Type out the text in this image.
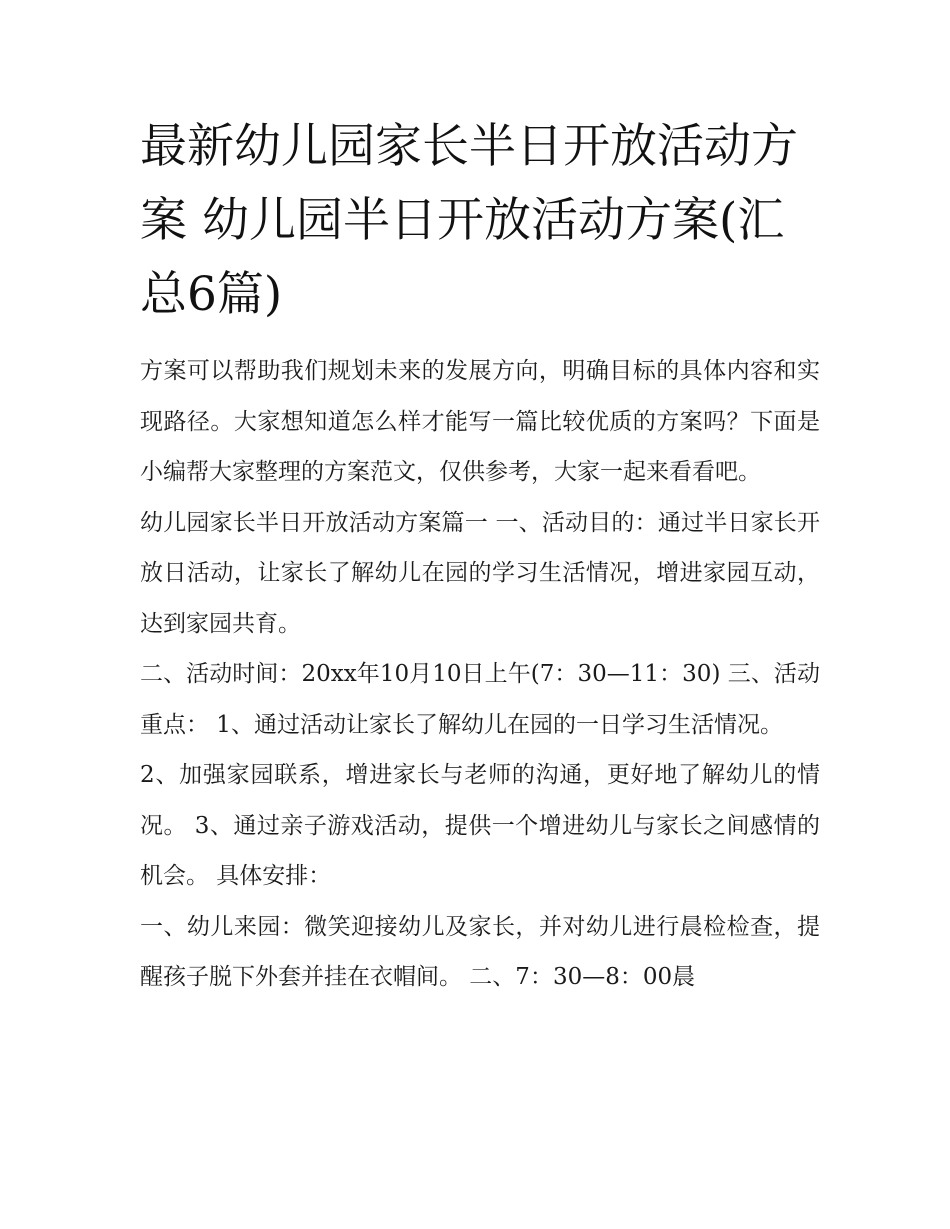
最新幼儿园家长半日开放活动方案 幼儿园半日开放活动方案(汇总6篇)

方案可以帮助我们规划未来的发展方向，明确目标的具体内容和实现路径。大家想知道怎么样才能写一篇比较优质的方案吗？下面是小编帮大家整理的方案范文，仅供参考，大家一起来看看吧。

幼儿园家长半日开放活动方案篇一 一、活动目的：通过半日家长开放日活动，让家长了解幼儿在园的学习生活情况，增进家园互动，达到家园共育。

二、活动时间：20xx年10月10日上午(7：30—11：30) 三、活动重点： 1、通过活动让家长了解幼儿在园的一日学习生活情况。

2、加强家园联系，增进家长与老师的沟通，更好地了解幼儿的情况。 3、通过亲子游戏活动，提供一个增进幼儿与家长之间感情的机会。 具体安排：

一、幼儿来园：微笑迎接幼儿及家长，并对幼儿进行晨检检查，提醒孩子脱下外套并挂在衣帽间。 二、7：30—8：00晨
